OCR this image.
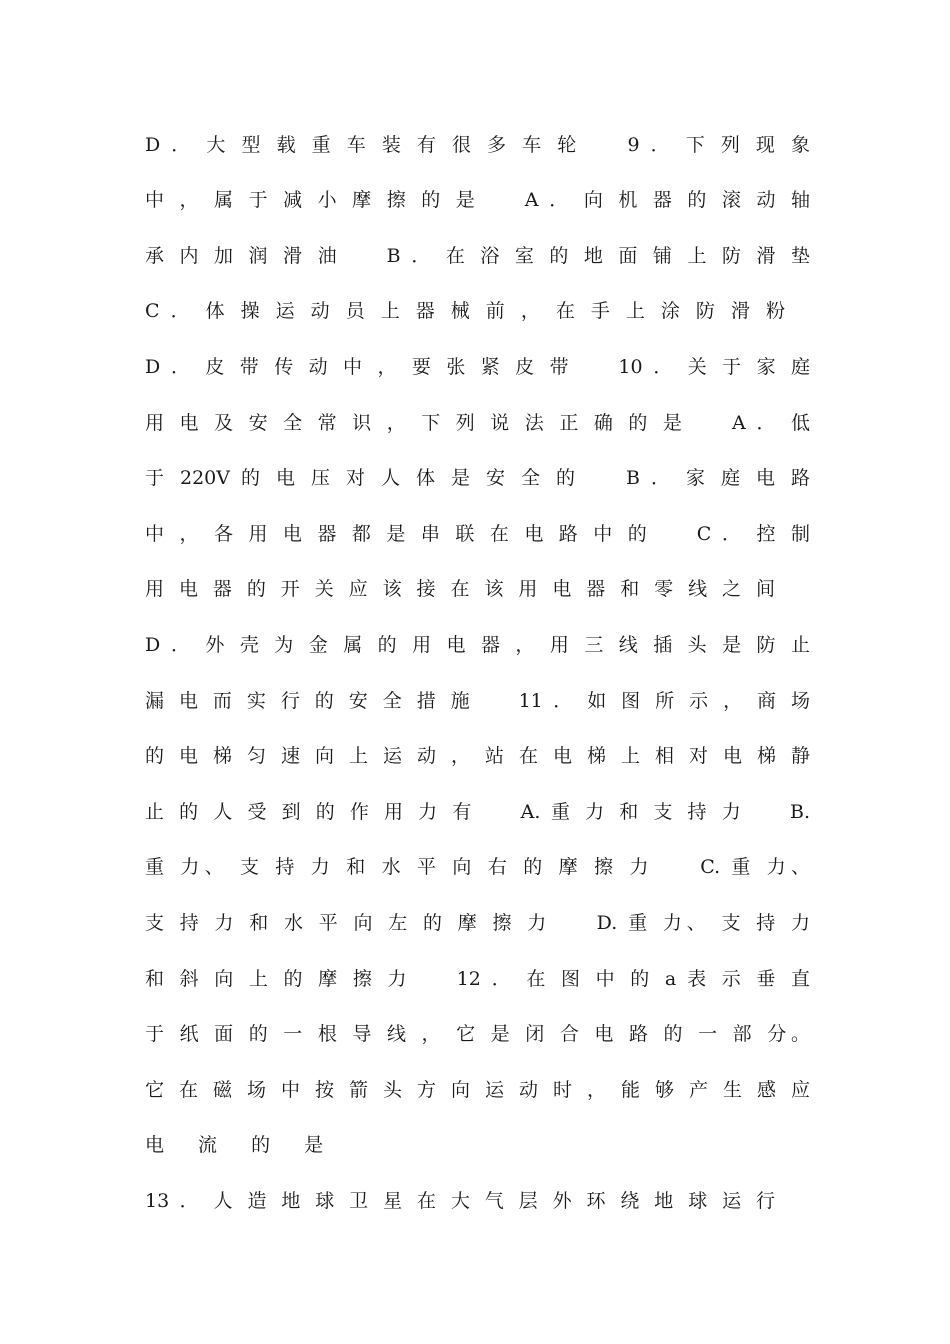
D ． 大 型 载 重 车 装 有 很 多 车 轮 　 9 ． 下 列 现 象
中 ， 属 于 减 小 摩 擦 的 是 　 A ． 向 机 器 的 滚 动 轴
承 内 加 润 滑 油 　 B ． 在 浴 室 的 地 面 铺 上 防 滑 垫
C ． 体 操 运 动 员 上 器 械 前 ， 在 手 上 涂 防 滑 粉
D ． 皮 带 传 动 中 ， 要 张 紧 皮 带 　 10 ． 关 于 家 庭
用 电 及 安 全 常 识 ， 下 列 说 法 正 确 的 是 　 A ． 低
于 220V 的 电 压 对 人 体 是 安 全 的 　 B ． 家 庭 电 路
中 ， 各 用 电 器 都 是 串 联 在 电 路 中 的 　 C ． 控 制
用 电 器 的 开 关 应 该 接 在 该 用 电 器 和 零 线 之 间
D ． 外 壳 为 金 属 的 用 电 器 ， 用 三 线 插 头 是 防 止
漏 电 而 实 行 的 安 全 措 施 　 11 ． 如 图 所 示 ， 商 场
的 电 梯 匀 速 向 上 运 动 ， 站 在 电 梯 上 相 对 电 梯 静
止 的 人 受 到 的 作 用 力 有 　 A. 重 力 和 支 持 力 　 B.
重 力、 支 持 力 和 水 平 向 右 的 摩 擦 力 　 C. 重 力、
支 持 力 和 水 平 向 左 的 摩 擦 力 　 D. 重 力、 支 持 力
和 斜 向 上 的 摩 擦 力 　 12 ． 在 图 中 的 a 表 示 垂 直
于 纸 面 的 一 根 导 线 ， 它 是 闭 合 电 路 的 一 部 分。
它 在 磁 场 中 按 箭 头 方 向 运 动 时 ， 能 够 产 生 感 应
电 流 的 是
13 ． 人 造 地 球 卫 星 在 大 气 层 外 环 绕 地 球 运 行
